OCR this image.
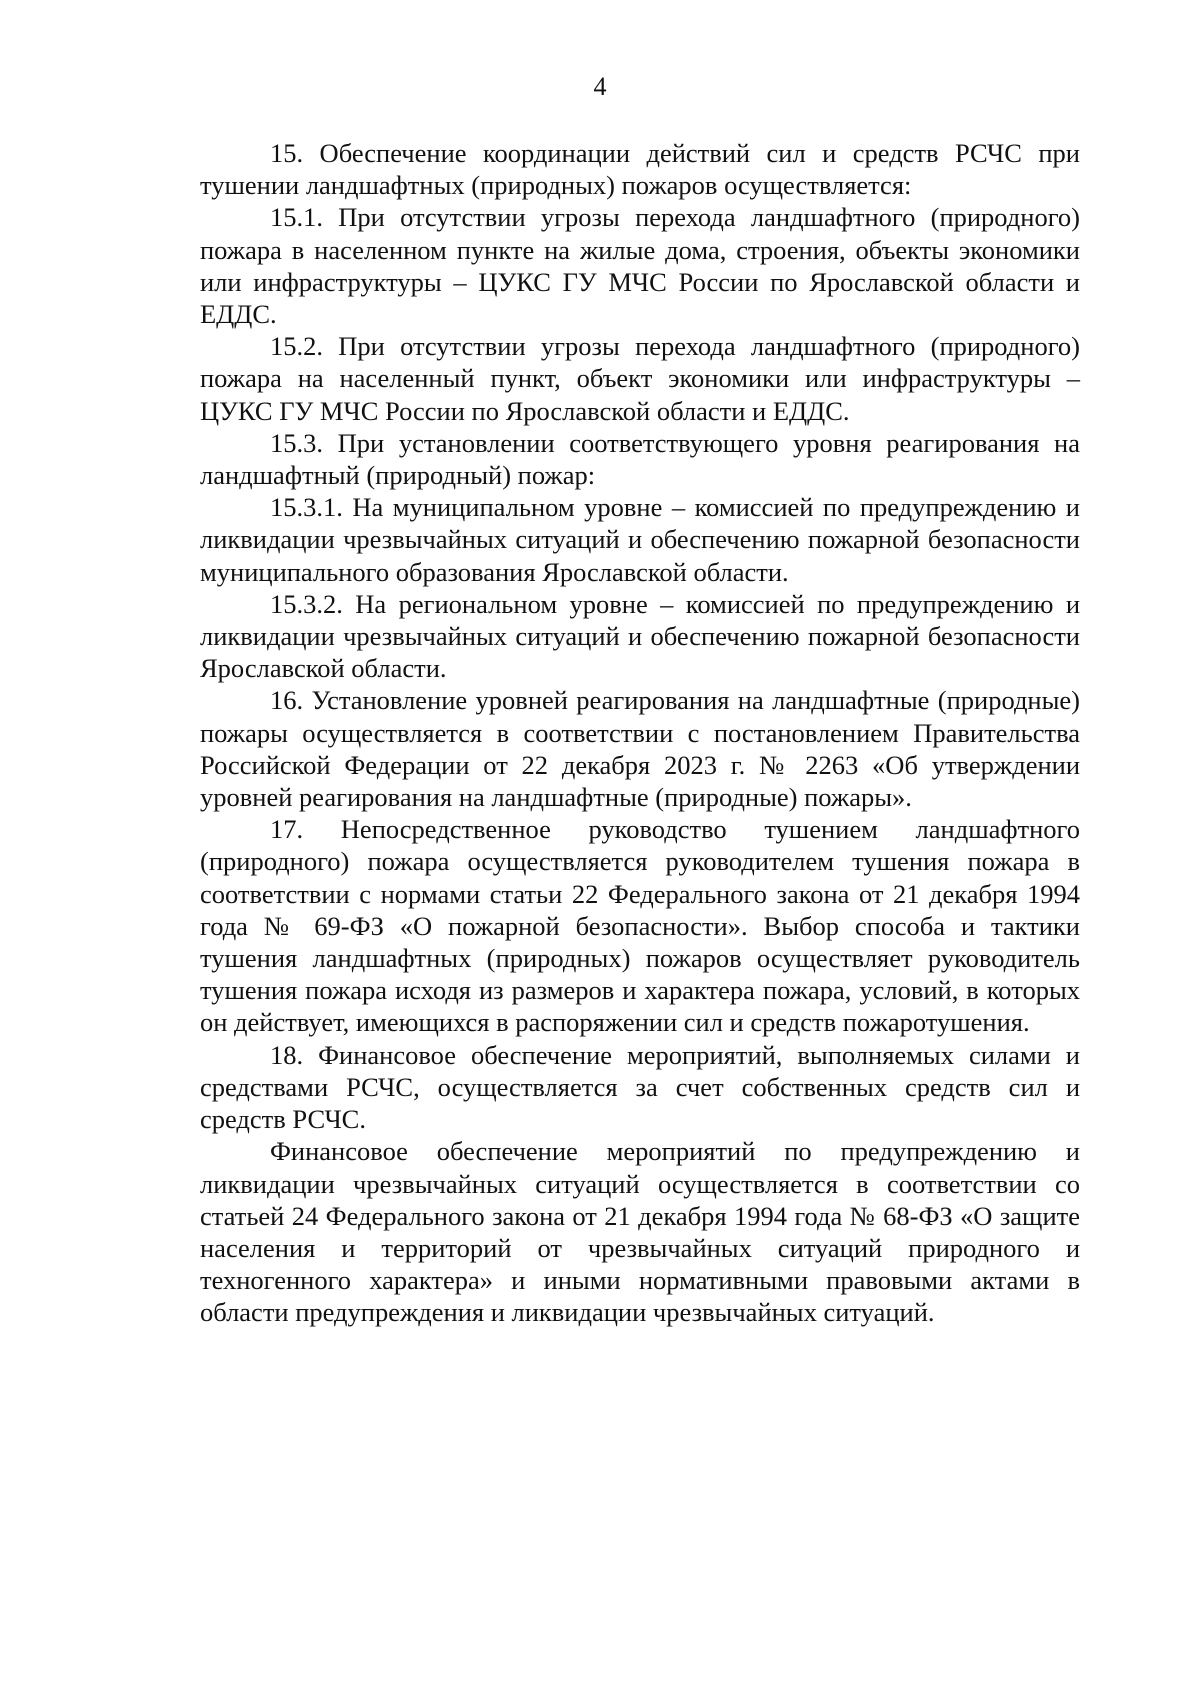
4

15. Обеспечение координации действий сил и средств РСЧС при тушении ландшафтных (природных) пожаров осуществляется:

15.1. При отсутствии угрозы перехода ландшафтного (природного) пожара в населенном пункте на жилые дома, строения, объекты экономики или инфраструктуры – ЦУКС ГУ МЧС России по Ярославской области и ЕДДС.

15.2. При отсутствии угрозы перехода ландшафтного (природного) пожара на населенный пункт, объект экономики или инфраструктуры – ЦУКС ГУ МЧС России по Ярославской области и ЕДДС.

15.3. При установлении соответствующего уровня реагирования на ландшафтный (природный) пожар:

15.3.1. На муниципальном уровне – комиссией по предупреждению и ликвидации чрезвычайных ситуаций и обеспечению пожарной безопасности муниципального образования Ярославской области.

15.3.2. На региональном уровне – комиссией по предупреждению и ликвидации чрезвычайных ситуаций и обеспечению пожарной безопасности Ярославской области.

16. Установление уровней реагирования на ландшафтные (природные) пожары осуществляется в соответствии с постановлением Правительства Российской Федерации от 22 декабря 2023 г. № 2263 «Об утверждении уровней реагирования на ландшафтные (природные) пожары».

17. Непосредственное руководство тушением ландшафтного (природного) пожара осуществляется руководителем тушения пожара в соответствии с нормами статьи 22 Федерального закона от 21 декабря 1994 года № 69-ФЗ «О пожарной безопасности». Выбор способа и тактики тушения ландшафтных (природных) пожаров осуществляет руководитель тушения пожара исходя из размеров и характера пожара, условий, в которых он действует, имеющихся в распоряжении сил и средств пожаротушения.

18. Финансовое обеспечение мероприятий, выполняемых силами и средствами РСЧС, осуществляется за счет собственных средств сил и средств РСЧС.

Финансовое обеспечение мероприятий по предупреждению и ликвидации чрезвычайных ситуаций осуществляется в соответствии со статьей 24 Федерального закона от 21 декабря 1994 года № 68-ФЗ «О защите населения и территорий от чрезвычайных ситуаций природного и техногенного характера» и иными нормативными правовыми актами в области предупреждения и ликвидации чрезвычайных ситуаций.
